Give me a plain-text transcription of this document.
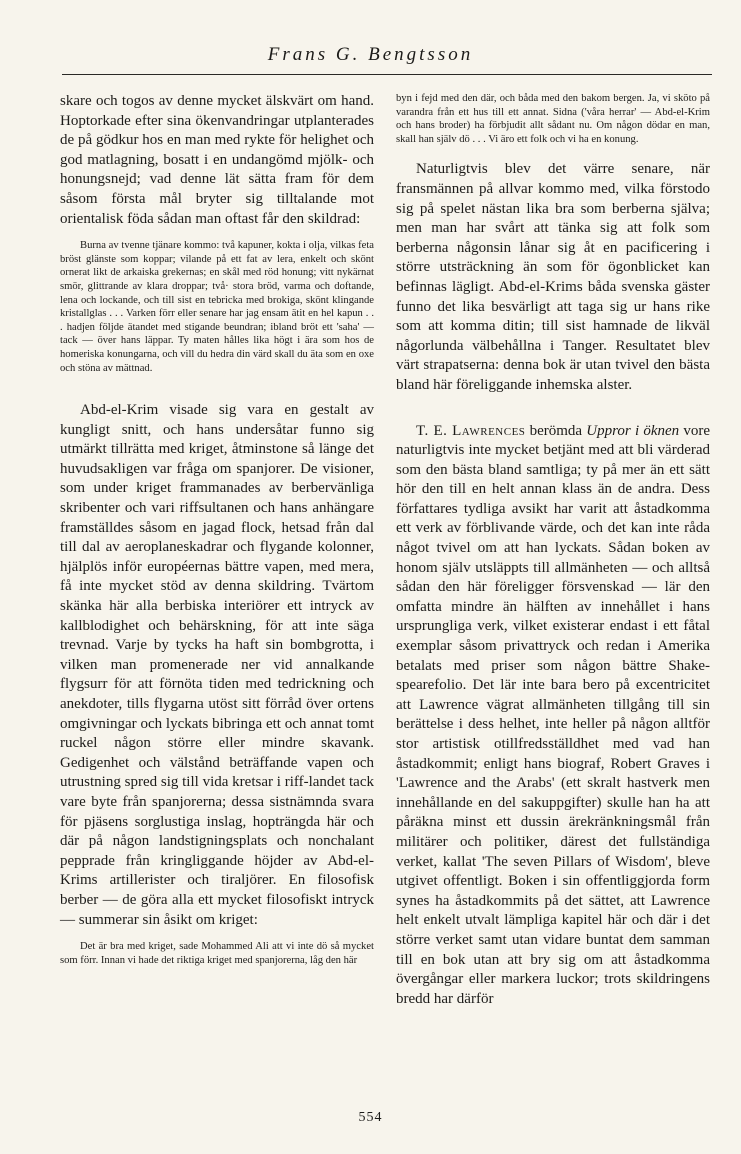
Frans G. Bengtsson

skare och togos av denne mycket älskvärt om hand. Hoptorkade efter sina ökenvandringar utplanterades de på gödkur hos en man med rykte för helighet och god matlagning, bosatt i en undangömd mjölk- och honungsnejd; vad denne lät sätta fram för dem såsom första mål bryter sig tilltalande mot orientalisk föda sådan man oftast får den skildrad:

Burna av tvenne tjänare kommo: två kapuner, kokta i olja, vilkas feta bröst glänste som koppar; vilande på ett fat av lera, enkelt och skönt ornerat likt de arkaiska grekernas; en skål med röd honung; vitt nykärnat smör, glittrande av klara droppar; två· stora bröd, varma och doftande, lena och lockande, och till sist en tebricka med brokiga, skönt klingande kristallglas . . . Varken förr eller senare har jag ensam ätit en hel kapun . . . hadjen följde ätandet med stigande beundran; ibland bröt ett 'saha' — tack — över hans läppar. Ty maten hålles lika högt i ära som hos de homeriska konungarna, och vill du hedra din värd skall du äta som en oxe och stöna av mättnad.

Abd-el-Krim visade sig vara en gestalt av kungligt snitt, och hans undersåtar funno sig utmärkt tillrätta med kriget, åtminstone så länge det huvudsakligen var fråga om spanjorer. De visioner, som under kriget frammanades av berbervänliga skribenter och vari riffsultanen och hans anhängare framställdes såsom en jagad flock, hetsad från dal till dal av aeroplaneskadrar och flygande kolonner, hjälplös inför européernas bättre vapen, med mera, få inte mycket stöd av denna skildring. Tvärtom skänka här alla berbiska interiörer ett intryck av kallblodighet och behärskning, för att inte säga trevnad. Varje by tycks ha haft sin bombgrotta, i vilken man promenerade ner vid annalkande flygsurr för att förnöta tiden med tedrickning och anekdoter, tills flygarna utöst sitt förråd över ortens omgivningar och lyckats bibringa ett och annat tomt ruckel någon större eller mindre skavank. Gedigenhet och välstånd beträffande vapen och utrustning spred sig till vida kretsar i riff-landet tack vare byte från spanjorerna; dessa sistnämnda svara för pjäsens sorglustiga inslag, hopträngda här och där på någon landstigningsplats och nonchalant pepprade från kringliggande höjder av Abd-el-Krims artillerister och tiraljörer. En filosofisk berber — de göra alla ett mycket filosofiskt intryck — summerar sin åsikt om kriget:

Det är bra med kriget, sade Mohammed Ali att vi inte dö så mycket som förr. Innan vi hade det riktiga kriget med spanjorerna, låg den här

byn i fejd med den där, och båda med den bakom bergen. Ja, vi sköto på varandra från ett hus till ett annat. Sidna ('våra herrar' — Abd-el-Krim och hans broder) ha förbjudit allt sådant nu. Om någon dödar en man, skall han själv dö . . . Vi äro ett folk och vi ha en konung.

Naturligtvis blev det värre senare, när fransmännen på allvar kommo med, vilka förstodo sig på spelet nästan lika bra som berberna själva; men man har svårt att tänka sig att folk som berberna någonsin lånar sig åt en pacificering i större utsträckning än som för ögonblicket kan befinnas lägligt. Abd-el-Krims båda svenska gäster funno det lika besvärligt att taga sig ur hans rike som att komma ditin; till sist hamnade de likväl någorlunda välbehållna i Tanger. Resultatet blev värt strapatserna: denna bok är utan tvivel den bästa bland här föreliggande inhemska alster.

T. E. Lawrences berömda Uppror i öknen vore naturligtvis inte mycket betjänt med att bli värderad som den bästa bland samtliga; ty på mer än ett sätt hör den till en helt annan klass än de andra. Dess författares tydliga avsikt har varit att åstadkomma ett verk av förblivande värde, och det kan inte råda något tvivel om att han lyckats. Sådan boken av honom själv utsläppts till allmänheten — och alltså sådan den här föreligger försvenskad — lär den omfatta mindre än hälften av innehållet i hans ursprungliga verk, vilket existerar endast i ett fåtal exemplar såsom privattryck och redan i Amerika betalats med priser som någon bättre Shakespearefolio. Det lär inte bara bero på excentricitet att Lawrence vägrat allmänheten tillgång till sin berättelse i dess helhet, inte heller på någon alltför stor artistisk otillfredsställdhet med vad han åstadkommit; enligt hans biograf, Robert Graves i 'Lawrence and the Arabs' (ett skralt hastverk men innehållande en del sakuppgifter) skulle han ha att påräkna minst ett dussin ärekränkningsmål från militärer och politiker, därest det fullständiga verket, kallat 'The seven Pillars of Wisdom', bleve utgivet offentligt. Boken i sin offentliggjorda form synes ha åstadkommits på det sättet, att Lawrence helt enkelt utvalt lämpliga kapitel här och där i det större verket samt utan vidare buntat dem samman till en bok utan att bry sig om att åstadkomma övergångar eller markera luckor; trots skildringens bredd har därför

554
